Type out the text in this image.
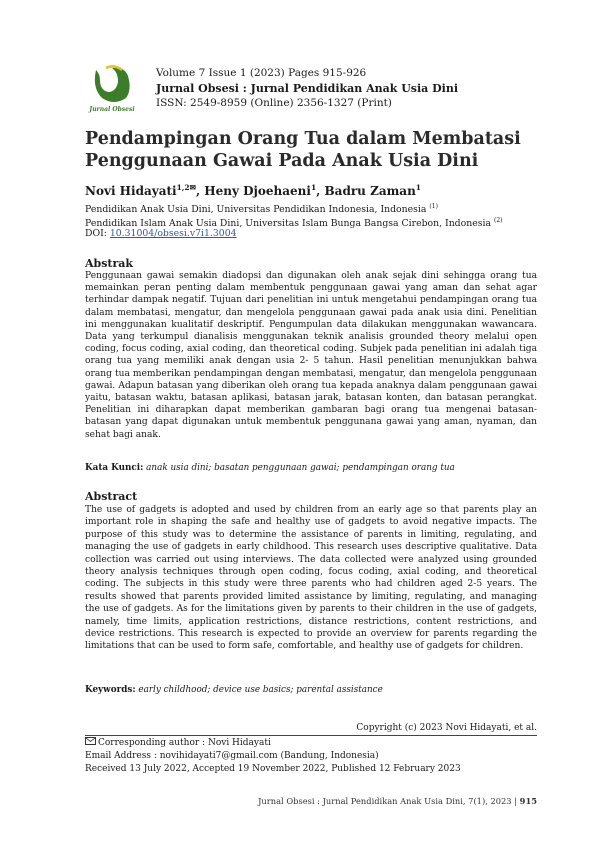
Jurnal Obsesi
Volume 7 Issue 1 (2023) Pages 915-926
Jurnal Obsesi : Jurnal Pendidikan Anak Usia Dini
ISSN: 2549-8959 (Online) 2356-1327 (Print)
Pendampingan Orang Tua dalam Membatasi
Penggunaan Gawai Pada Anak Usia Dini
Novi Hidayati$^{1,2✉}$, Heny Djoehaeni$^1$, Badru Zaman$^1$
Pendidikan Anak Usia Dini, Universitas Pendidikan Indonesia, Indonesia $^{(1)}$
Pendidikan Islam Anak Usia Dini, Universitas Islam Bunga Bangsa Cirebon, Indonesia $^{(2)}$
DOI: 10.31004/obsesi.v7i1.3004
Abstrak
Penggunaan gawai semakin diadopsi dan digunakan oleh anak sejak dini sehingga orang tua memainkan peran penting dalam membentuk penggunaan gawai yang aman dan sehat agar terhindar dampak negatif. Tujuan dari penelitian ini untuk mengetahui pendampingan orang tua dalam membatasi, mengatur, dan mengelola penggunaan gawai pada anak usia dini. Penelitian ini menggunakan kualitatif deskriptif. Pengumpulan data dilakukan menggunakan wawancara. Data yang terkumpul dianalisis menggunakan teknik analisis grounded theory melalui open coding, focus coding, axial coding, dan theoretical coding. Subjek pada penelitian ini adalah tiga orang tua yang memiliki anak dengan usia 2- 5 tahun. Hasil penelitian menunjukkan bahwa orang tua memberikan pendampingan dengan membatasi, mengatur, dan mengelola penggunaan gawai. Adapun batasan yang diberikan oleh orang tua kepada anaknya dalam penggunaan gawai yaitu, batasan waktu, batasan aplikasi, batasan jarak, batasan konten, dan batasan perangkat. Penelitian ini diharapkan dapat memberikan gambaran bagi orang tua mengenai batasan-batasan yang dapat digunakan untuk membentuk penggunana gawai yang aman, nyaman, dan sehat bagi anak.
Kata Kunci: anak usia dini; basatan penggunaan gawai; pendampingan orang tua
Abstract
The use of gadgets is adopted and used by children from an early age so that parents play an important role in shaping the safe and healthy use of gadgets to avoid negative impacts. The purpose of this study was to determine the assistance of parents in limiting, regulating, and managing the use of gadgets in early childhood. This research uses descriptive qualitative. Data collection was carried out using interviews. The data collected were analyzed using grounded theory analysis techniques through open coding, focus coding, axial coding, and theoretical coding. The subjects in this study were three parents who had children aged 2-5 years. The results showed that parents provided limited assistance by limiting, regulating, and managing the use of gadgets. As for the limitations given by parents to their children in the use of gadgets, namely, time limits, application restrictions, distance restrictions, content restrictions, and device restrictions. This research is expected to provide an overview for parents regarding the limitations that can be used to form safe, comfortable, and healthy use of gadgets for children.
Keywords: early childhood; device use basics; parental assistance
Copyright (c) 2023 Novi Hidayati, et al.
Corresponding author : Novi Hidayati
Email Address : novihidayati7@gmail.com (Bandung, Indonesia)
Received 13 July 2022, Accepted 19 November 2022, Published 12 February 2023
Jurnal Obsesi : Jurnal Pendidikan Anak Usia Dini, 7(1), 2023 | 915
